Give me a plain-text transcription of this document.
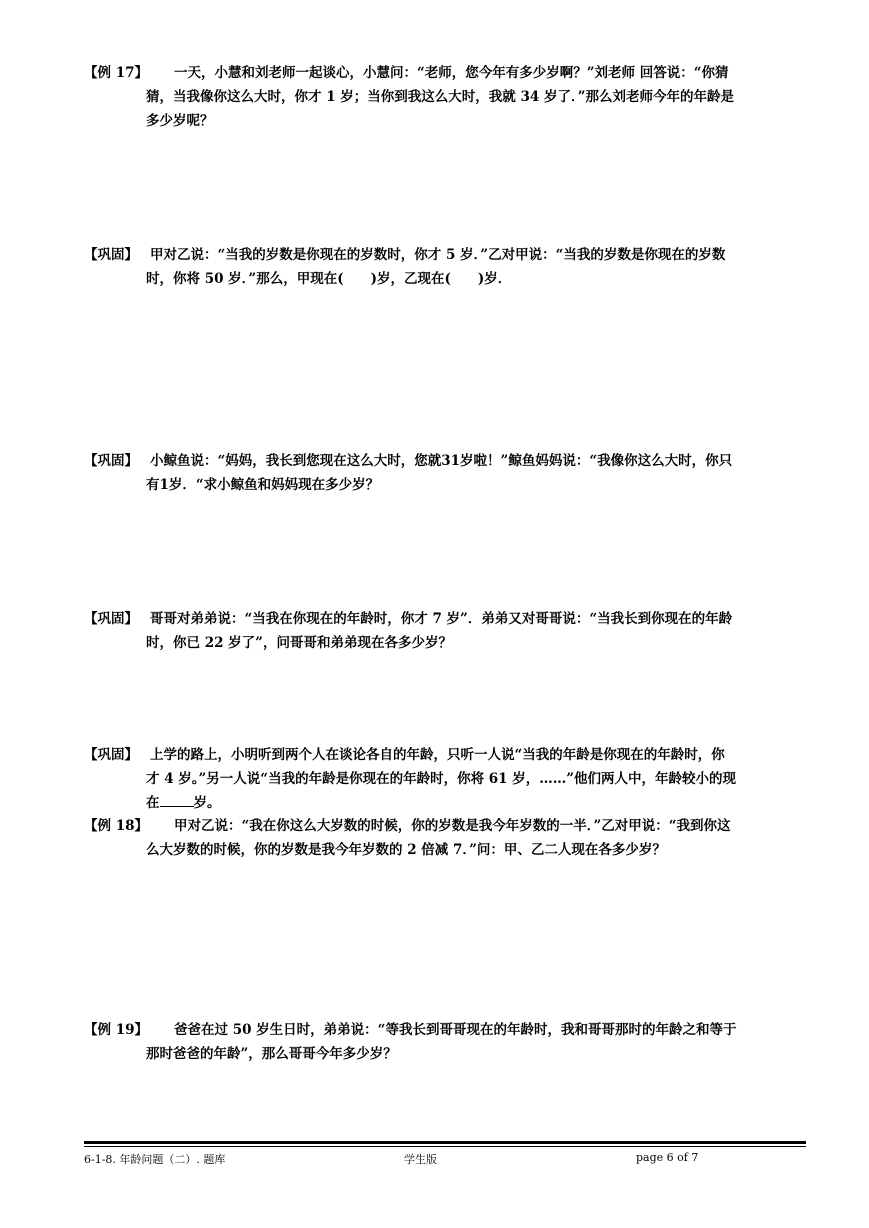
【例 17】 一天，小慧和刘老师一起谈心，小慧问：“老师，您今年有多少岁啊？”刘老师 回答说：“你猜
猜，当我像你这么大时，你才 1 岁；当你到我这么大时，我就 34 岁了．”那么刘老师今年的年龄是
多少岁呢？
【巩固】 甲对乙说：“当我的岁数是你现在的岁数时，你才 5 岁．”乙对甲说：“当我的岁数是你现在的岁数
时，你将 50 岁．”那么，甲现在(　　)岁，乙现在(　　)岁．
【巩固】 小鲸鱼说：“妈妈，我长到您现在这么大时，您就31岁啦！”鲸鱼妈妈说：“我像你这么大时，你只
有1岁．“求小鲸鱼和妈妈现在多少岁？
【巩固】 哥哥对弟弟说：“当我在你现在的年龄时，你才 7 岁”．弟弟又对哥哥说：“当我长到你现在的年龄
时，你已 22 岁了”，问哥哥和弟弟现在各多少岁？
【巩固】 上学的路上，小明听到两个人在谈论各自的年龄，只听一人说“当我的年龄是你现在的年龄时，你
才 4 岁。”另一人说“当我的年龄是你现在的年龄时，你将 61 岁，……”他们两人中，年龄较小的现
在	岁。
【例 18】 甲对乙说：“我在你这么大岁数的时候，你的岁数是我今年岁数的一半．”乙对甲说：“我到你这
么大岁数的时候，你的岁数是我今年岁数的 2 倍减 7．”问：甲、乙二人现在各多少岁？
【例 19】 爸爸在过 50 岁生日时，弟弟说：“等我长到哥哥现在的年龄时，我和哥哥那时的年龄之和等于
那时爸爸的年龄”，那么哥哥今年多少岁？
6-1-8. 年龄问题（二）. 题库	学生版	page 6 of 7
